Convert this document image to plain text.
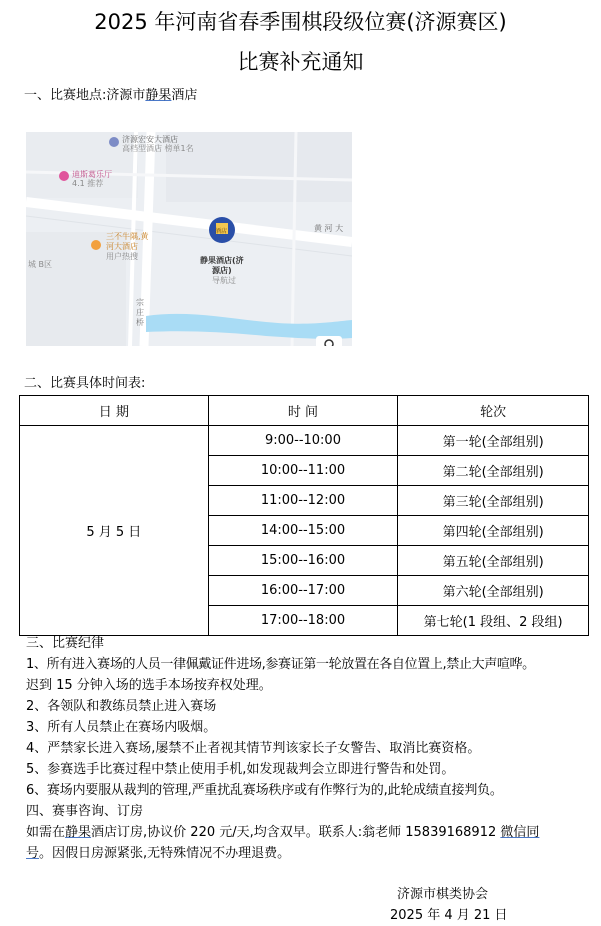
2025 年河南省春季围棋段级位赛(济源赛区)
比赛补充通知
一、比赛地点:济源市静果酒店
济源宏安大酒店
高档型酒店 榜单1名
迪斯葛乐厅
4.1 推荐
三不牛隅,黄
河大酒店
用户热搜
黄 河 大
城 B区
宗庄桥
酒店
静果酒店(济
源店)
导航过
二、比赛具体时间表:
日 期	时 间	轮次
5 月 5 日	9:00--10:00	第一轮(全部组别)
	10:00--11:00	第二轮(全部组别)
	11:00--12:00	第三轮(全部组别)
	14:00--15:00	第四轮(全部组别)
	15:00--16:00	第五轮(全部组别)
	16:00--17:00	第六轮(全部组别)
	17:00--18:00	第七轮(1 段组、2 段组)
三、比赛纪律
1、所有进入赛场的人员一律佩戴证件进场,参赛证第一轮放置在各自位置上,禁止大声喧哗。
迟到 15 分钟入场的选手本场按弃权处理。
2、各领队和教练员禁止进入赛场
3、所有人员禁止在赛场内吸烟。
4、严禁家长进入赛场,屡禁不止者视其情节判该家长子女警告、取消比赛资格。
5、参赛选手比赛过程中禁止使用手机,如发现裁判会立即进行警告和处罚。
6、赛场内要服从裁判的管理,严重扰乱赛场秩序或有作弊行为的,此轮成绩直接判负。
四、赛事咨询、订房
如需在静果酒店订房,协议价 220 元/天,均含双早。联系人:翁老师 15839168912 微信同
号。因假日房源紧张,无特殊情况不办理退费。
济源市棋类协会
2025 年 4 月 21 日
